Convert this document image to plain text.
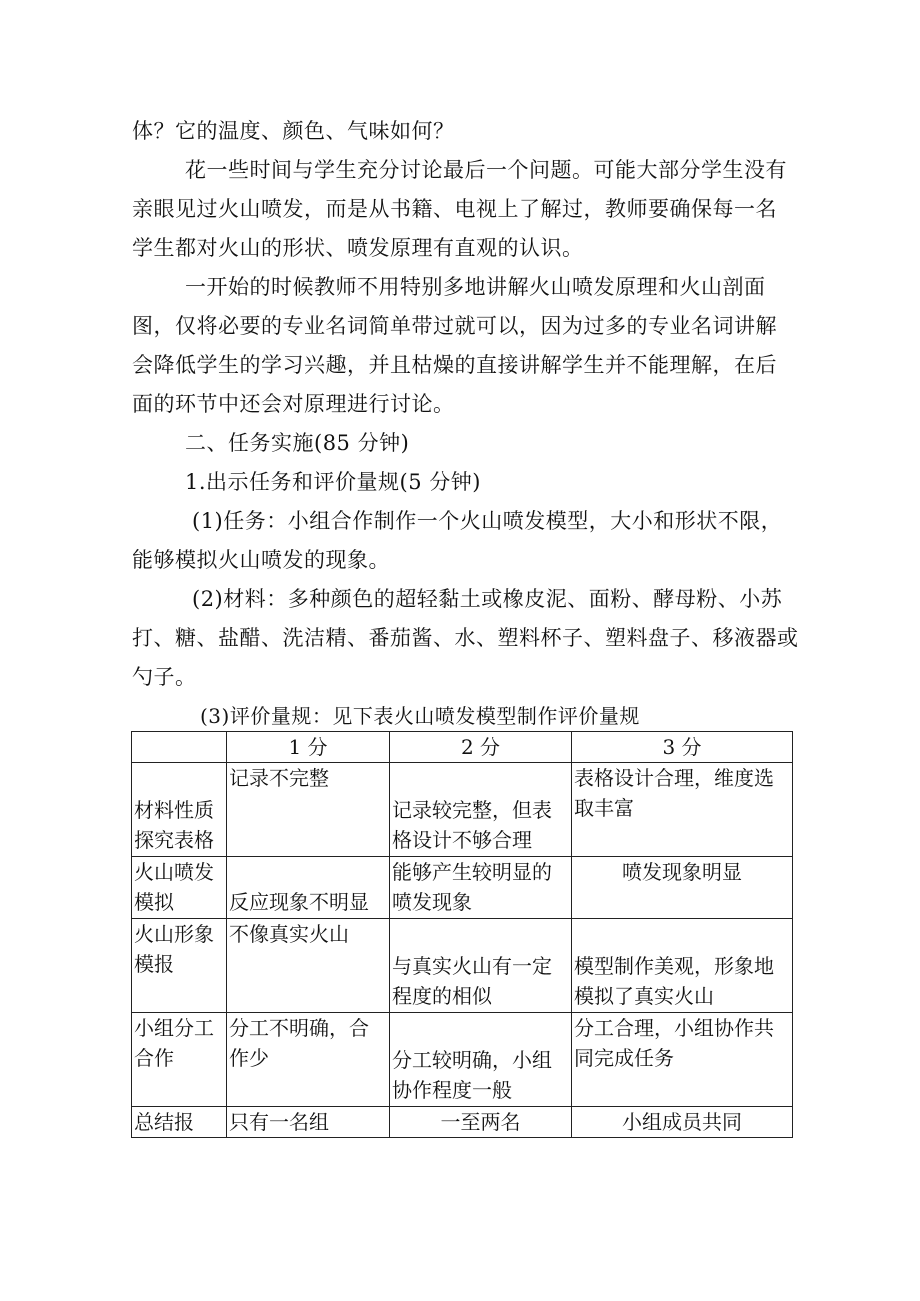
体？它的温度、颜色、气味如何？
花一些时间与学生充分讨论最后一个问题。可能大部分学生没有
亲眼见过火山喷发，而是从书籍、电视上了解过，教师要确保每一名
学生都对火山的形状、喷发原理有直观的认识。
一开始的时候教师不用特别多地讲解火山喷发原理和火山剖面
图，仅将必要的专业名词简单带过就可以，因为过多的专业名词讲解
会降低学生的学习兴趣，并且枯燥的直接讲解学生并不能理解，在后
面的环节中还会对原理进行讨论。
二、任务实施(85 分钟)
1.出示任务和评价量规(5 分钟)
(1)任务：小组合作制作一个火山喷发模型，大小和形状不限，
能够模拟火山喷发的现象。
(2)材料：多种颜色的超轻黏土或橡皮泥、面粉、酵母粉、小苏
打、糖、盐醋、洗洁精、番茄酱、水、塑料杯子、塑料盘子、移液器或
勺子。
(3)评价量规：见下表火山喷发模型制作评价量规

	1 分	2 分	3 分

材料性质探究表格	记录不完整	记录较完整，但表格设计不够合理	表格设计合理，维度选取丰富

火山喷发模拟	反应现象不明显	能够产生较明显的喷发现象	喷发现象明显

火山形象模报	不像真实火山	与真实火山有一定程度的相似	模型制作美观，形象地模拟了真实火山

小组分工合作	分工不明确，合作少	分工较明确，小组协作程度一般	分工合理，小组协作共同完成任务

总结报	只有一名组	一至两名	小组成员共同
